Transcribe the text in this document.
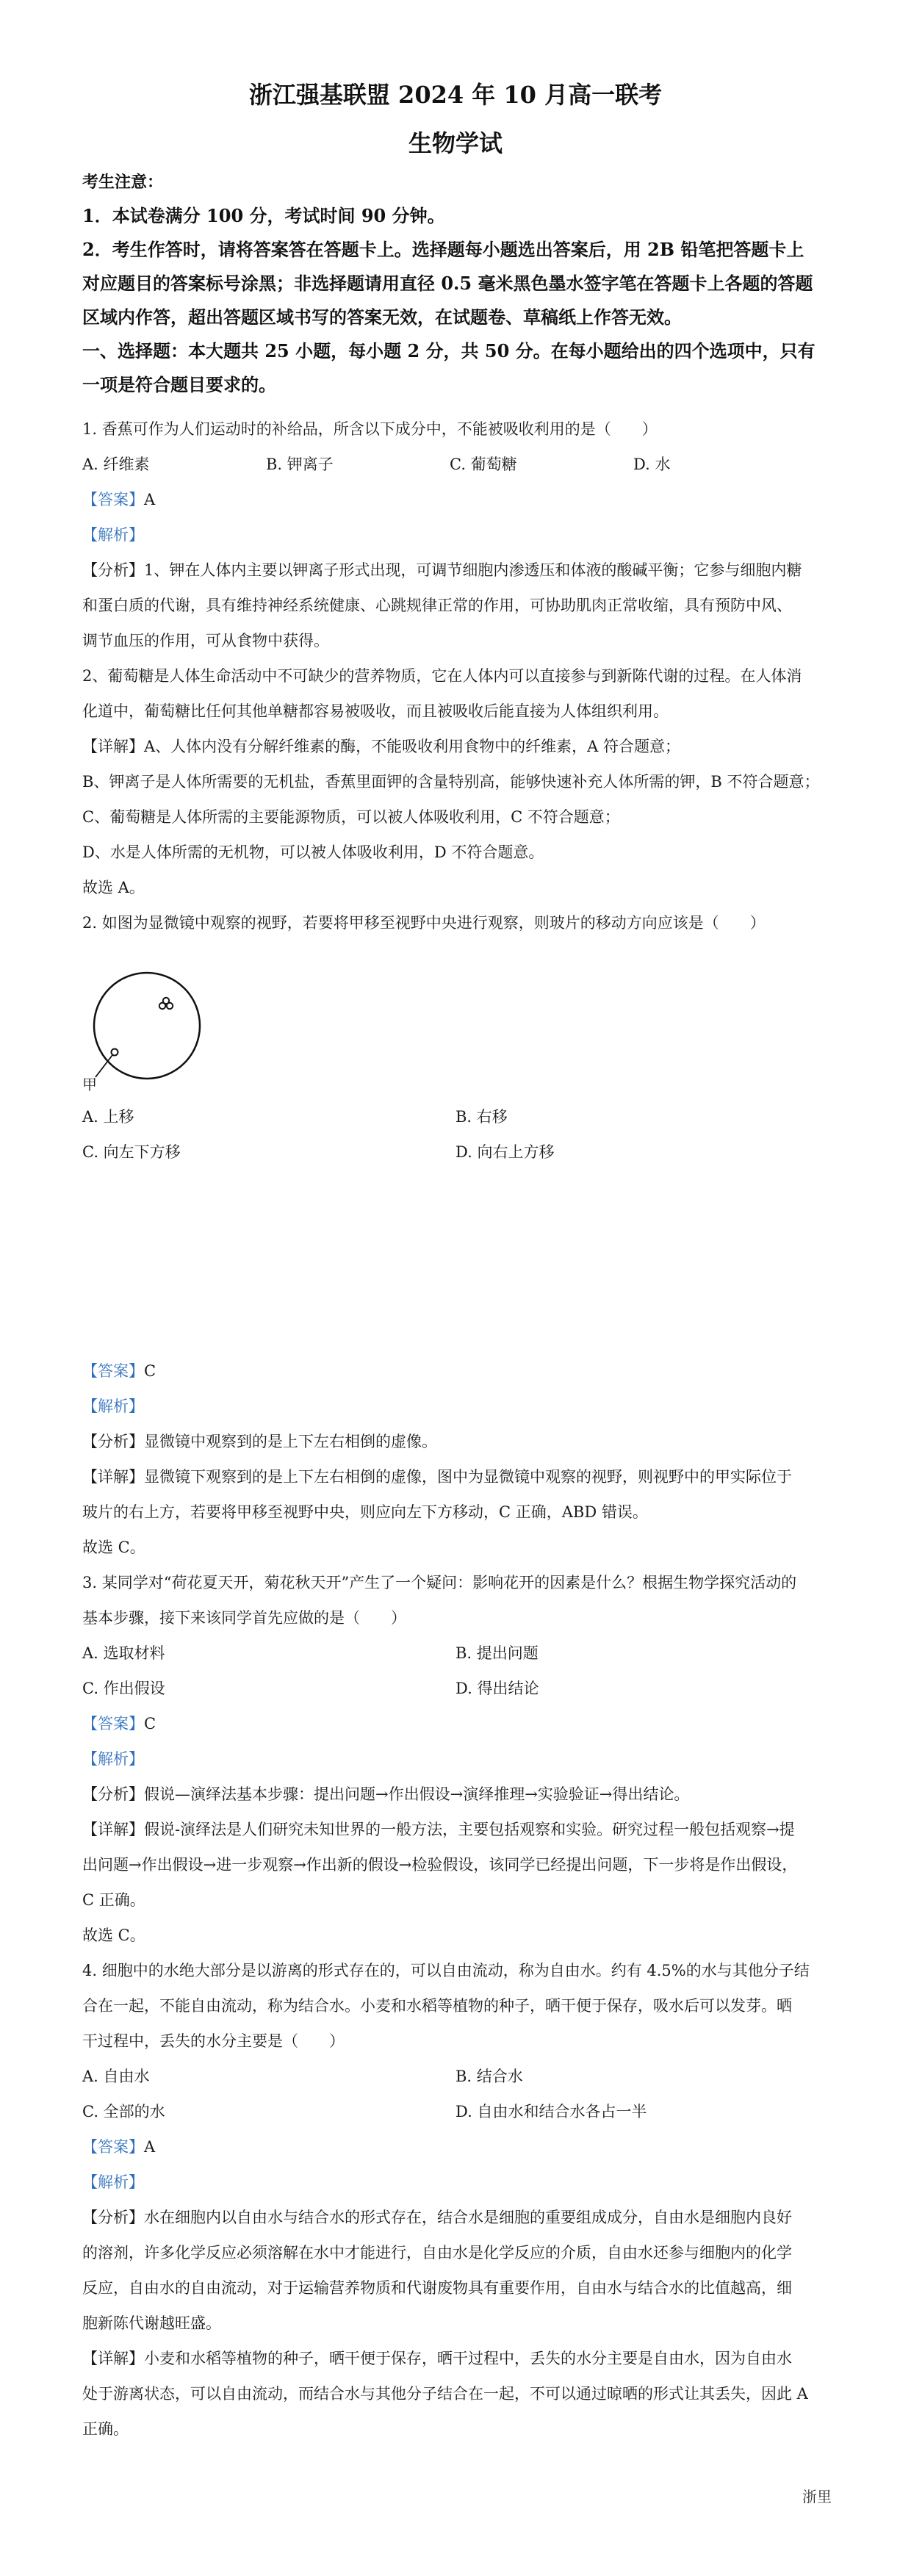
浙江强基联盟 2024 年 10 月高一联考
生物学试
考生注意：
1．本试卷满分 100 分，考试时间 90 分钟。
2．考生作答时，请将答案答在答题卡上。选择题每小题选出答案后，用 2B 铅笔把答题卡上
对应题目的答案标号涂黑；非选择题请用直径 0.5 毫米黑色墨水签字笔在答题卡上各题的答题
区域内作答，超出答题区域书写的答案无效，在试题卷、草稿纸上作答无效。
一、选择题：本大题共 25 小题，每小题 2 分，共 50 分。在每小题给出的四个选项中，只有
一项是符合题目要求的。
1. 香蕉可作为人们运动时的补给品，所含以下成分中，不能被吸收利用的是（　　）
A. 纤维素	B. 钾离子	C. 葡萄糖	D. 水
【答案】A
【解析】
【分析】1、钾在人体内主要以钾离子形式出现，可调节细胞内渗透压和体液的酸碱平衡；它参与细胞内糖
和蛋白质的代谢，具有维持神经系统健康、心跳规律正常的作用，可协助肌肉正常收缩，具有预防中风、
调节血压的作用，可从食物中获得。
2、葡萄糖是人体生命活动中不可缺少的营养物质，它在人体内可以直接参与到新陈代谢的过程。在人体消
化道中，葡萄糖比任何其他单糖都容易被吸收，而且被吸收后能直接为人体组织利用。
【详解】A、人体内没有分解纤维素的酶，不能吸收利用食物中的纤维素，A 符合题意；
B、钾离子是人体所需要的无机盐，香蕉里面钾的含量特别高，能够快速补充人体所需的钾，B 不符合题意；
C、葡萄糖是人体所需的主要能源物质，可以被人体吸收利用，C 不符合题意；
D、水是人体所需的无机物，可以被人体吸收利用，D 不符合题意。
故选 A。
2. 如图为显微镜中观察的视野，若要将甲移至视野中央进行观察，则玻片的移动方向应该是（　　）
甲
A. 上移	B. 右移
C. 向左下方移	D. 向右上方移
【答案】C
【解析】
【分析】显微镜中观察到的是上下左右相倒的虚像。
【详解】显微镜下观察到的是上下左右相倒的虚像，图中为显微镜中观察的视野，则视野中的甲实际位于
玻片的右上方，若要将甲移至视野中央，则应向左下方移动，C 正确，ABD 错误。
故选 C。
3. 某同学对“荷花夏天开，菊花秋天开”产生了一个疑问：影响花开的因素是什么？根据生物学探究活动的
基本步骤，接下来该同学首先应做的是（　　）
A. 选取材料	B. 提出问题
C. 作出假设	D. 得出结论
【答案】C
【解析】
【分析】假说—演绎法基本步骤：提出问题→作出假设→演绎推理→实验验证→得出结论。
【详解】假说-演绎法是人们研究未知世界的一般方法，主要包括观察和实验。研究过程一般包括观察→提
出问题→作出假设→进一步观察→作出新的假设→检验假设，该同学已经提出问题，下一步将是作出假设，
C 正确。
故选 C。
4. 细胞中的水绝大部分是以游离的形式存在的，可以自由流动，称为自由水。约有 4.5%的水与其他分子结
合在一起，不能自由流动，称为结合水。小麦和水稻等植物的种子，晒干便于保存，吸水后可以发芽。晒
干过程中，丢失的水分主要是（　　）
A. 自由水	B. 结合水
C. 全部的水	D. 自由水和结合水各占一半
【答案】A
【解析】
【分析】水在细胞内以自由水与结合水的形式存在，结合水是细胞的重要组成成分，自由水是细胞内良好
的溶剂，许多化学反应必须溶解在水中才能进行，自由水是化学反应的介质，自由水还参与细胞内的化学
反应，自由水的自由流动，对于运输营养物质和代谢废物具有重要作用，自由水与结合水的比值越高，细
胞新陈代谢越旺盛。
【详解】小麦和水稻等植物的种子，晒干便于保存，晒干过程中，丢失的水分主要是自由水，因为自由水
处于游离状态，可以自由流动，而结合水与其他分子结合在一起，不可以通过晾晒的形式让其丢失，因此 A
正确。
浙里
